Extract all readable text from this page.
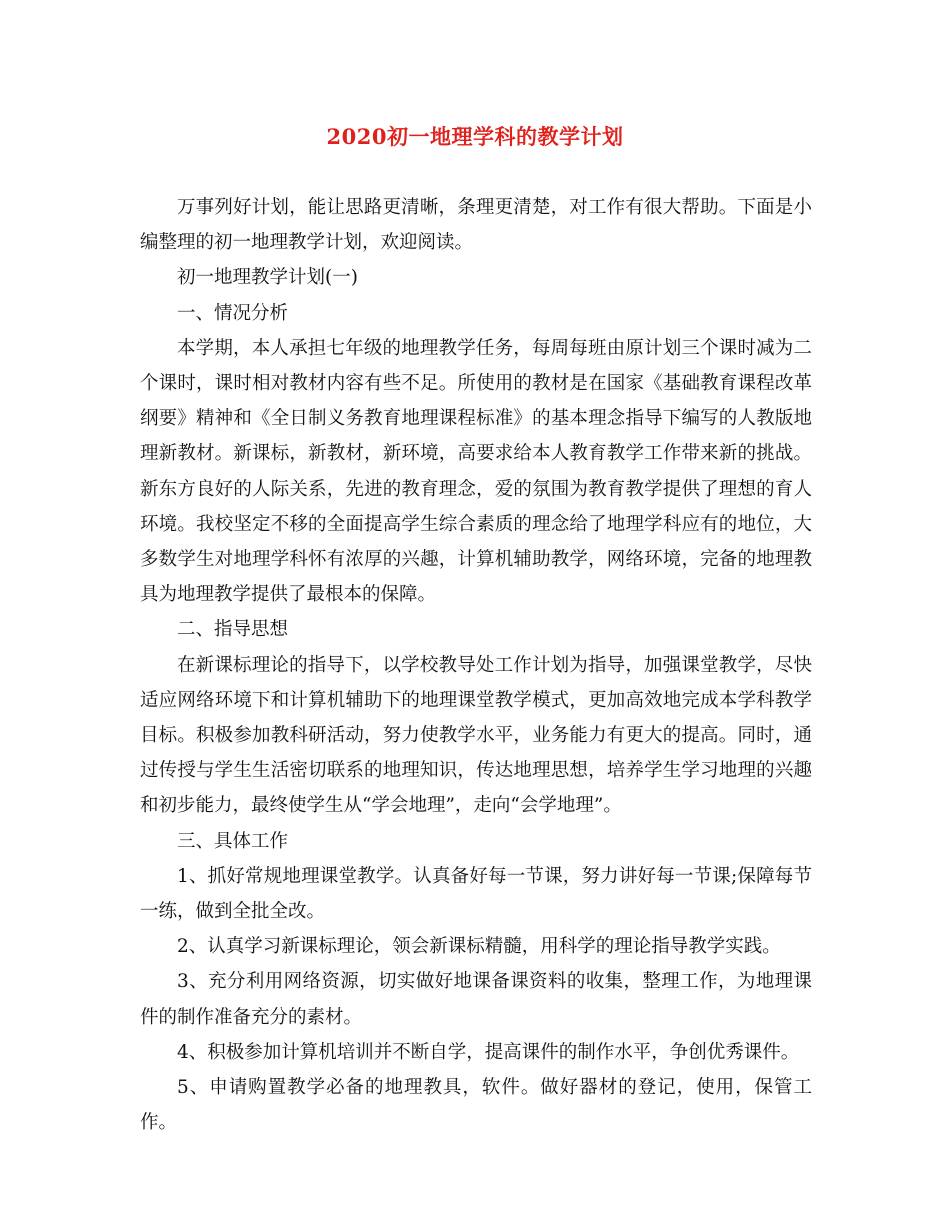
2020初一地理学科的教学计划

万事列好计划，能让思路更清晰，条理更清楚，对工作有很大帮助。下面是小编整理的初一地理教学计划，欢迎阅读。

初一地理教学计划(一)

一、情况分析

本学期，本人承担七年级的地理教学任务，每周每班由原计划三个课时减为二个课时，课时相对教材内容有些不足。所使用的教材是在国家《基础教育课程改革纲要》精神和《全日制义务教育地理课程标准》的基本理念指导下编写的人教版地理新教材。新课标，新教材，新环境，高要求给本人教育教学工作带来新的挑战。新东方良好的人际关系，先进的教育理念，爱的氛围为教育教学提供了理想的育人环境。我校坚定不移的全面提高学生综合素质的理念给了地理学科应有的地位，大多数学生对地理学科怀有浓厚的兴趣，计算机辅助教学，网络环境，完备的地理教具为地理教学提供了最根本的保障。

二、指导思想

在新课标理论的指导下，以学校教导处工作计划为指导，加强课堂教学，尽快适应网络环境下和计算机辅助下的地理课堂教学模式，更加高效地完成本学科教学目标。积极参加教科研活动，努力使教学水平，业务能力有更大的提高。同时，通过传授与学生生活密切联系的地理知识，传达地理思想，培养学生学习地理的兴趣和初步能力，最终使学生从“学会地理”，走向“会学地理”。

三、具体工作

1、抓好常规地理课堂教学。认真备好每一节课，努力讲好每一节课;保障每节一练，做到全批全改。

2、认真学习新课标理论，领会新课标精髓，用科学的理论指导教学实践。

3、充分利用网络资源，切实做好地课备课资料的收集，整理工作，为地理课件的制作准备充分的素材。

4、积极参加计算机培训并不断自学，提高课件的制作水平，争创优秀课件。

5、申请购置教学必备的地理教具，软件。做好器材的登记，使用，保管工作。
